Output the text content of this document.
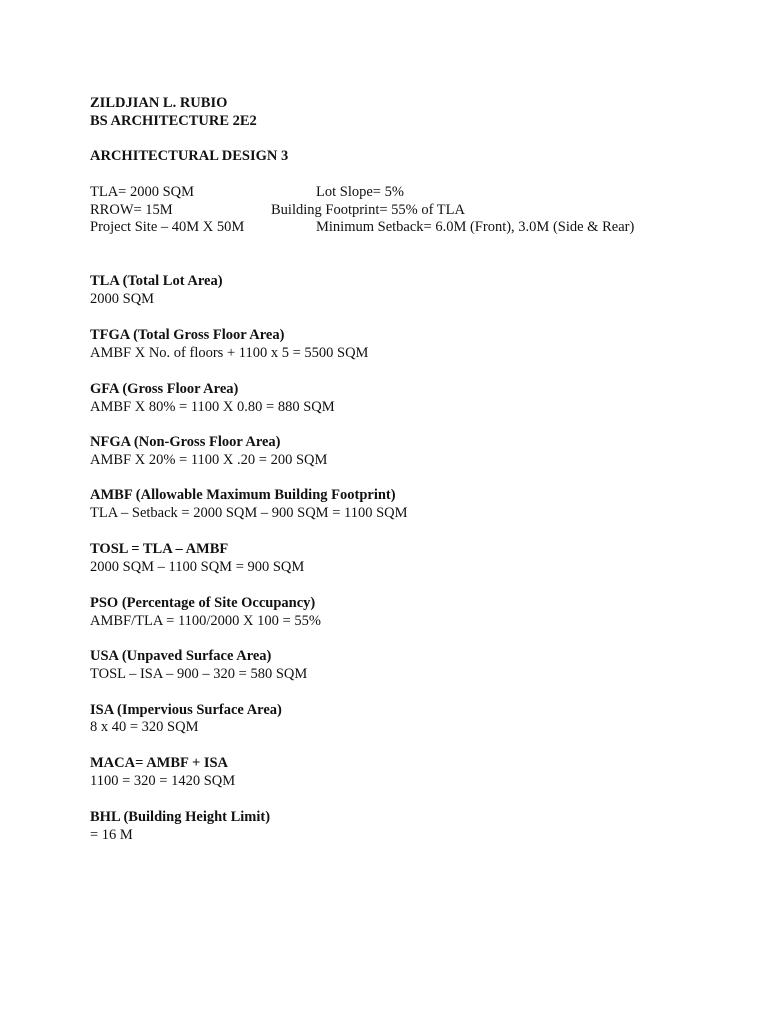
ZILDJIAN L. RUBIO
BS ARCHITECTURE 2E2
ARCHITECTURAL DESIGN 3
TLA= 2000 SQM	Lot Slope= 5%
RROW= 15M	Building Footprint= 55% of TLA
Project Site – 40M X 50M	Minimum Setback= 6.0M (Front), 3.0M (Side & Rear)
TLA (Total Lot Area)
2000 SQM
TFGA (Total Gross Floor Area)
AMBF X No. of floors + 1100 x 5 = 5500 SQM
GFA (Gross Floor Area)
AMBF X 80% = 1100 X 0.80 = 880 SQM
NFGA (Non-Gross Floor Area)
AMBF X 20% = 1100 X .20 = 200 SQM
AMBF (Allowable Maximum Building Footprint)
TLA – Setback = 2000 SQM – 900 SQM = 1100 SQM
TOSL = TLA – AMBF
2000 SQM – 1100 SQM = 900 SQM
PSO (Percentage of Site Occupancy)
AMBF/TLA = 1100/2000 X 100 = 55%
USA (Unpaved Surface Area)
TOSL – ISA – 900 – 320 = 580 SQM
ISA (Impervious Surface Area)
8 x 40 = 320 SQM
MACA= AMBF + ISA
1100 = 320 = 1420 SQM
BHL (Building Height Limit)
= 16 M
